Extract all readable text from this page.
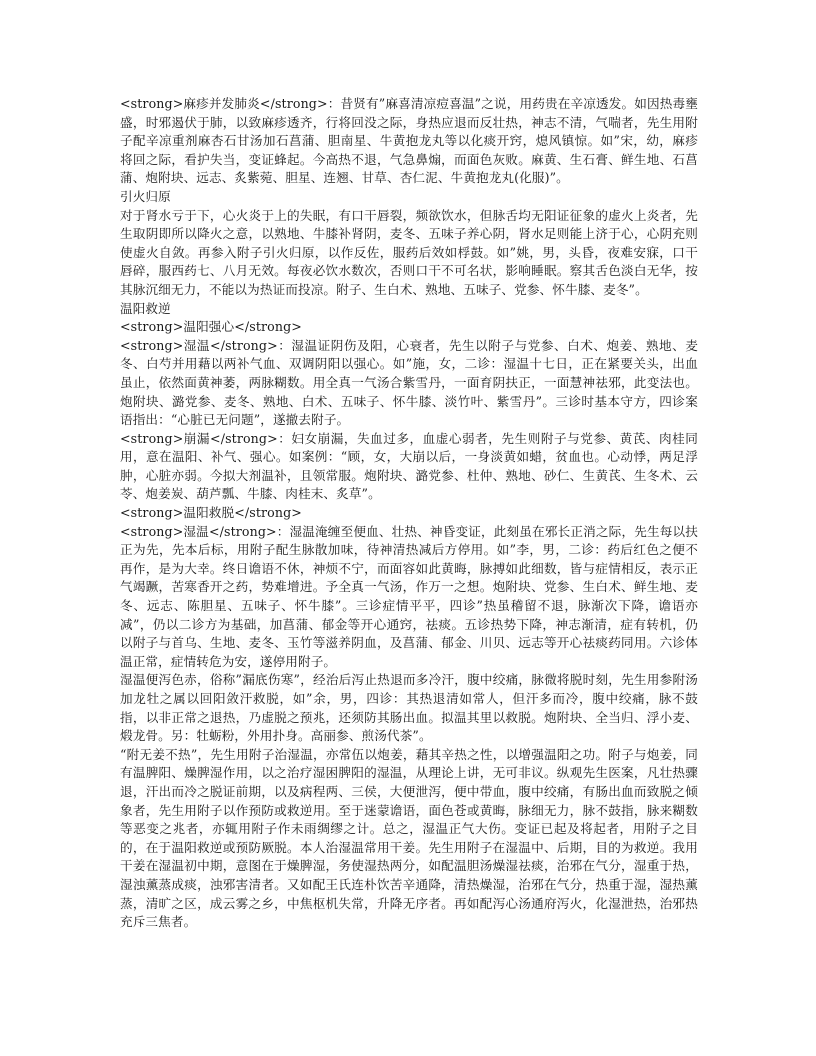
<strong>麻疹并发肺炎</strong>：昔贤有”麻喜清凉痘喜温”之说，用药贵在辛凉透发。如因热毒壅盛，时邪遏伏于肺，以致麻疹透齐，行将回没之际，身热应退而反壮热，神志不清，气喘者，先生用附子配辛凉重剂麻杏石甘汤加石菖蒲、胆南星、牛黄抱龙丸等以化痰开窍，熄风镇惊。如”宋，幼，麻疹将回之际，看护失当，变证蜂起。今高热不退，气急鼻煽，而面色灰败。麻黄、生石膏、鲜生地、石菖蒲、炮附块、远志、炙紫菀、胆星、连翘、甘草、杏仁泥、牛黄抱龙丸(化服)”。

引火归原

对于肾水亏于下，心火炎于上的失眠，有口干唇裂，频欲饮水，但脉舌均无阳证征象的虚火上炎者，先生取阴即所以降火之意，以熟地、牛膝补肾阴，麦冬、五味子养心阴，肾水足则能上济于心，心阴充则使虚火自敛。再参入附子引火归原，以作反佐，服药后效如桴鼓。如”姚，男，头昏，夜难安寐，口干唇碎，服西药七、八月无效。每夜必饮水数次，否则口干不可名状，影响睡眠。察其舌色淡白无华，按其脉沉细无力，不能以为热证而投凉。附子、生白术、熟地、五味子、党参、怀牛膝、麦冬”。

温阳救逆

<strong>温阳强心</strong>

<strong>湿温</strong>：湿温证阴伤及阳，心衰者，先生以附子与党参、白术、炮姜、熟地、麦冬、白芍并用藉以两补气血、双调阴阳以强心。如”施，女，二诊：湿温十七日，正在紧要关头，出血虽止，依然面黄神萎，两脉糊数。用全真一气汤合紫雪丹，一面育阴扶正，一面慧神祛邪，此变法也。炮附块、潞党参、麦冬、熟地、白术、五味子、怀牛膝、淡竹叶、紫雪丹”。三诊时基本守方，四诊案语指出：“心脏已无问题”，遂撤去附子。

<strong>崩漏</strong>：妇女崩漏，失血过多，血虚心弱者，先生则附子与党参、黄芪、肉桂同用，意在温阳、补气、强心。如案例：“顾，女，大崩以后，一身淡黄如蜡，贫血也。心动悸，两足浮肿，心脏亦弱。今拟大剂温补，且领常服。炮附块、潞党参、杜仲、熟地、砂仁、生黄芪、生冬术、云苓、炮姜炭、葫芦瓢、牛膝、肉桂末、炙草”。

<strong>温阳救脱</strong>

<strong>湿温</strong>：湿温淹缠至便血、壮热、神昏变证，此刻虽在邪长正消之际，先生每以扶正为先，先本后标，用附子配生脉散加味，待神清热减后方停用。如”李，男，二诊：药后红色之便不再作，是为大幸。终日谵语不休，神烦不宁，而面容如此黄晦，脉搏如此细数，皆与症情相反，表示正气竭蹶，苦寒香开之药，势难增进。予全真一气汤，作万一之想。炮附块、党参、生白术、鲜生地、麦冬、远志、陈胆星、五味子、怀牛膝”。三诊症情平平，四诊”热虽稽留不退，脉渐次下降，谵语亦减”，仍以二诊方为基础，加菖蒲、郁金等开心通窍，祛痰。五诊热势下降，神志渐清，症有转机，仍以附子与首乌、生地、麦冬、玉竹等滋养阴血，及菖蒲、郁金、川贝、远志等开心祛痰药同用。六诊体温正常，症情转危为安，遂停用附子。

湿温便泻色赤，俗称”漏底伤寒”，经治后泻止热退而多冷汗，腹中绞痛，脉微将脱时刻，先生用参附汤加龙牡之属以回阳敛汗救脱，如”余，男，四诊：其热退清如常人，但汗多而冷，腹中绞痛，脉不鼓指，以非正常之退热，乃虚脱之预兆，还须防其肠出血。拟温其里以救脱。炮附块、全当归、浮小麦、煅龙骨。另：牡蛎粉，外用扑身。高丽参、煎汤代茶”。

“附无姜不热”，先生用附子治湿温，亦常伍以炮姜，藉其辛热之性，以增强温阳之功。附子与炮姜，同有温脾阳、燥脾湿作用，以之治疗湿困脾阳的湿温，从理论上讲，无可非议。纵观先生医案，凡壮热骤退，汗出而冷之脱证前期，以及病程两、三侯，大便泄泻，便中带血，腹中绞痛，有肠出血而致脱之倾象者，先生用附子以作预防或救逆用。至于迷蒙谵语，面色苍或黄晦，脉细无力，脉不鼓指，脉来糊数等恶变之兆者，亦辄用附子作未雨绸缪之计。总之，湿温正气大伤。变证已起及将起者，用附子之目的，在于温阳救逆或预防厥脱。本人治湿温常用干姜。先生用附子在湿温中、后期，目的为救逆。我用干姜在湿温初中期，意图在于燥脾湿，务使湿热两分，如配温胆汤燥湿祛痰，治邪在气分，湿重于热，湿浊薰蒸成痰，浊邪害清者。又如配王氏连朴饮苦辛通降，清热燥湿，治邪在气分，热重于湿，湿热薰蒸，清旷之区，成云雾之乡，中焦枢机失常，升降无序者。再如配泻心汤通府泻火，化湿泄热，治邪热充斥三焦者。
